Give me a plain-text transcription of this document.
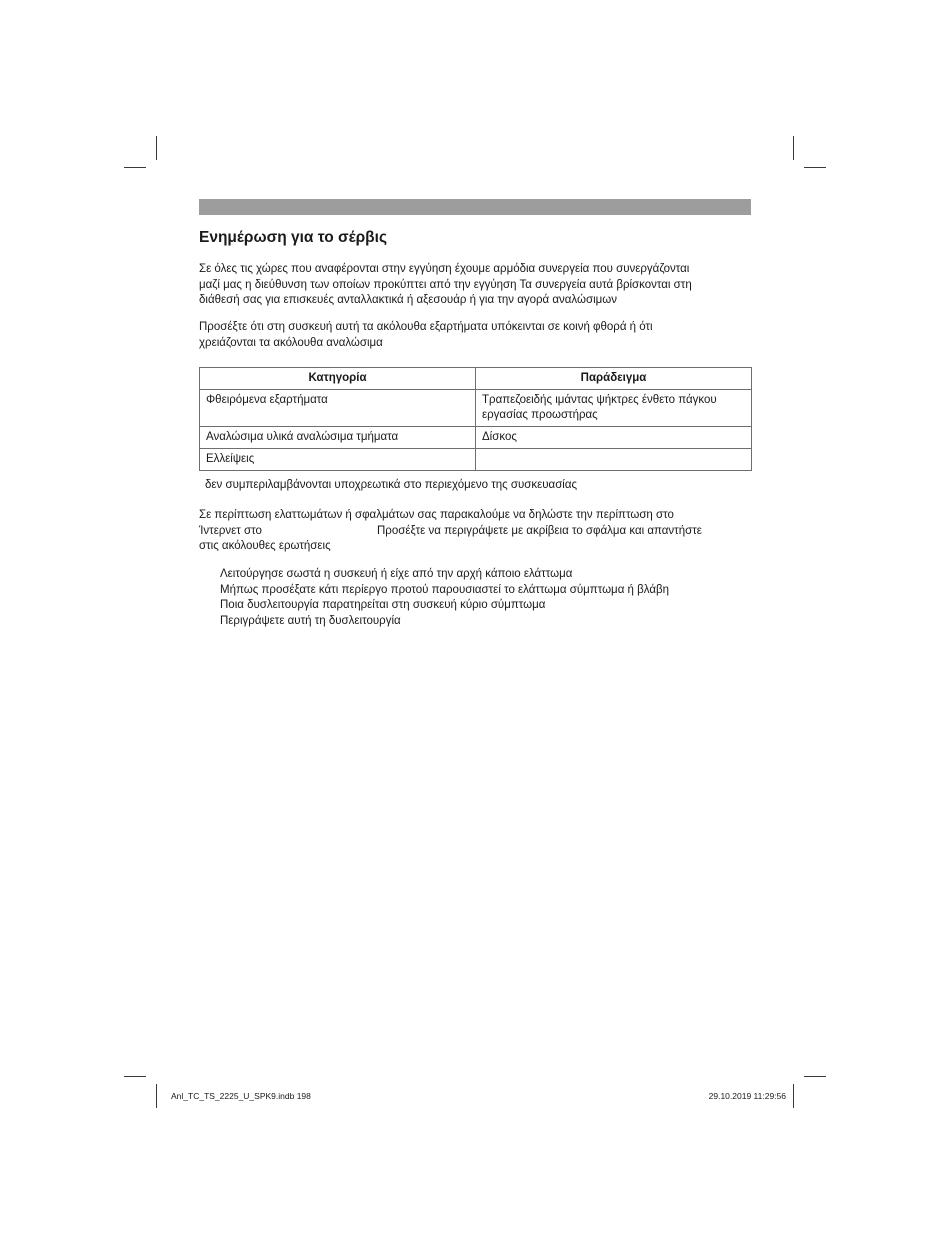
Ενημέρωση για το σέρβις

Σε όλες τις χώρες που αναφέρονται στην εγγύηση έχουμε αρμόδια συνεργεία που συνεργάζονται
μαζί μας η διεύθυνση των οποίων προκύπτει από την εγγύηση Τα συνεργεία αυτά βρίσκονται στη
διάθεσή σας για επισκευές ανταλλακτικά ή αξεσουάρ ή για την αγορά αναλώσιμων

Προσέξτε ότι στη συσκευή αυτή τα ακόλουθα εξαρτήματα υπόκεινται σε κοινή φθορά ή ότι
χρειάζονται τα ακόλουθα αναλώσιμα

Κατηγορία	Παράδειγμα
Φθειρόμενα εξαρτήματα	Τραπεζοειδής ιμάντας ψήκτρες ένθετο πάγκου
εργασίας προωστήρας

Αναλώσιμα υλικά αναλώσιμα τμήματα	Δίσκος
Ελλείψεις	

δεν συμπεριλαμβάνονται υποχρεωτικά στο περιεχόμενο της συσκευασίας

Σε περίπτωση ελαττωμάτων ή σφαλμάτων σας παρακαλούμε να δηλώστε την περίπτωση στο
Ίντερνετ στο	Προσέξτε να περιγράψετε με ακρίβεια το σφάλμα και απαντήστε
στις ακόλουθες ερωτήσεις

Λειτούργησε σωστά η συσκευή ή είχε από την αρχή κάποιο ελάττωμα
Μήπως προσέξατε κάτι περίεργο προτού παρουσιαστεί το ελάττωμα σύμπτωμα ή βλάβη
Ποια δυσλειτουργία παρατηρείται στη συσκευή κύριο σύμπτωμα
Περιγράψετε αυτή τη δυσλειτουργία

Anl_TC_TS_2225_U_SPK9.indb 198	29.10.2019 11:29:56
